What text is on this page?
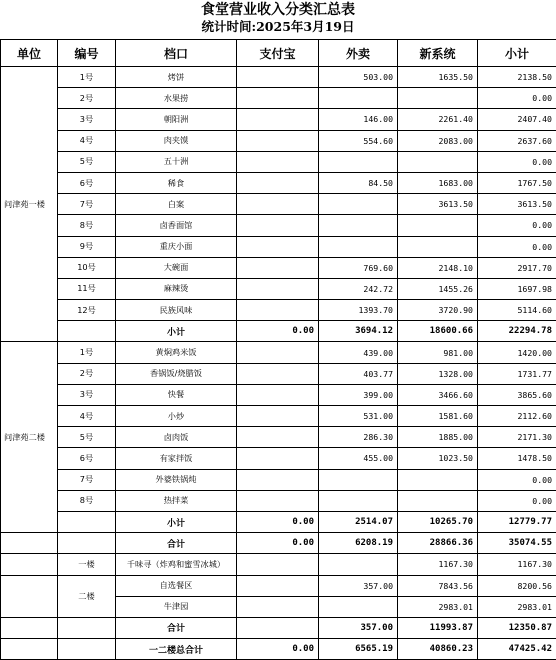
食堂营业收入分类汇总表
统计时间:2025年3月19日
单位	编号	档口	支付宝	外卖	新系统	小计
问津苑一楼	1号	烤饼		503.00	1635.50	2138.50
	2号	水果捞				0.00
	3号	朝阳洲		146.00	2261.40	2407.40
	4号	肉夹馍		554.60	2083.00	2637.60
	5号	五十洲				0.00
	6号	稀食		84.50	1683.00	1767.50
	7号	白案			3613.50	3613.50
	8号	卤香面馆				0.00
	9号	重庆小面				0.00
	10号	大碗面		769.60	2148.10	2917.70
	11号	麻辣烫		242.72	1455.26	1697.98
	12号	民族风味		1393.70	3720.90	5114.60
		小计	0.00	3694.12	18600.66	22294.78
问津苑二楼	1号	黄焖鸡米饭		439.00	981.00	1420.00
	2号	香锅饭/烧腊饭		403.77	1328.00	1731.77
	3号	快餐		399.00	3466.60	3865.60
	4号	小炒		531.00	1581.60	2112.60
	5号	卤肉饭		286.30	1885.00	2171.30
	6号	有家拌饭		455.00	1023.50	1478.50
	7号	外婆铁锅炖				0.00
	8号	热拌菜				0.00
		小计	0.00	2514.07	10265.70	12779.77
		合计	0.00	6208.19	28866.36	35074.55
	一楼	千味寻（炸鸡和蜜雪冰城）			1167.30	1167.30
	二楼	自选餐区		357.00	7843.56	8200.56
		牛津园			2983.01	2983.01
		合计		357.00	11993.87	12350.87
		一二楼总合计	0.00	6565.19	40860.23	47425.42
